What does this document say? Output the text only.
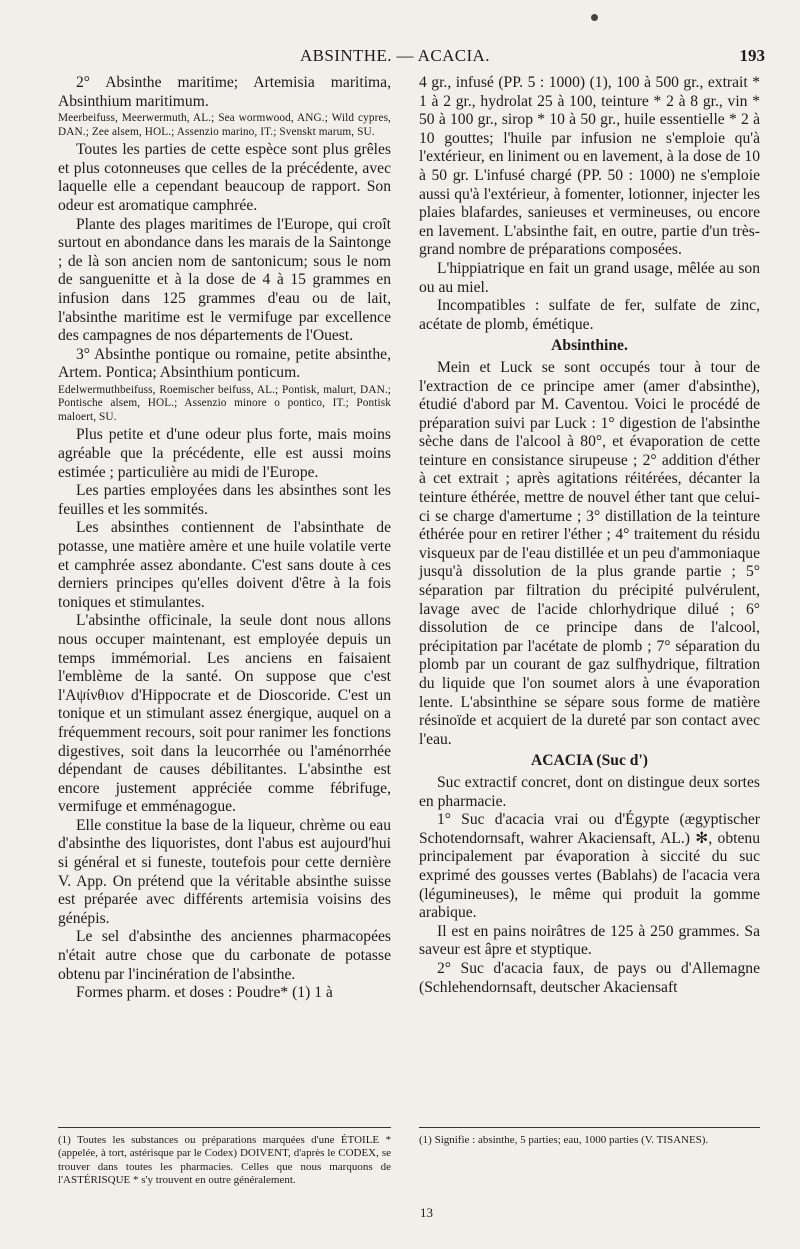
ABSINTHE. — ACACIA.	193

2° Absinthe maritime; Artemisia maritima, Absinthium maritimum.

Meerbeifuss, Meerwermuth, AL.; Sea wormwood, ANG.; Wild cypres, DAN.; Zee alsem, HOL.; Assenzio marino, IT.; Svenskt marum, SU.

Toutes les parties de cette espèce sont plus grêles et plus cotonneuses que celles de la précédente, avec laquelle elle a cependant beaucoup de rapport. Son odeur est aromatique camphrée.

Plante des plages maritimes de l'Europe, qui croît surtout en abondance dans les marais de la Saintonge ; de là son ancien nom de santonicum; sous le nom de sanguenitte et à la dose de 4 à 15 grammes en infusion dans 125 grammes d'eau ou de lait, l'absinthe maritime est le vermifuge par excellence des campagnes de nos départements de l'Ouest.

3° Absinthe pontique ou romaine, petite absinthe, Artem. Pontica; Absinthium ponticum.

Edelwermuthbeifuss, Roemischer beifuss, AL.; Pontisk, malurt, DAN.; Pontische alsem, HOL.; Assenzio minore o pontico, IT.; Pontisk maloert, SU.

Plus petite et d'une odeur plus forte, mais moins agréable que la précédente, elle est aussi moins estimée ; particulière au midi de l'Europe.

Les parties employées dans les absinthes sont les feuilles et les sommités.

Les absinthes contiennent de l'absinthate de potasse, une matière amère et une huile volatile verte et camphrée assez abondante. C'est sans doute à ces derniers principes qu'elles doivent d'être à la fois toniques et stimulantes.

L'absinthe officinale, la seule dont nous allons nous occuper maintenant, est employée depuis un temps immémorial. Les anciens en faisaient l'emblème de la santé. On suppose que c'est l'Αψίνθιον d'Hippocrate et de Dioscoride. C'est un tonique et un stimulant assez énergique, auquel on a fréquemment recours, soit pour ranimer les fonctions digestives, soit dans la leucorrhée ou l'aménorrhée dépendant de causes débilitantes. L'absinthe est encore justement appréciée comme fébrifuge, vermifuge et emménagogue.

Elle constitue la base de la liqueur, chrème ou eau d'absinthe des liquoristes, dont l'abus est aujourd'hui si général et si funeste, toutefois pour cette dernière V. App. On prétend que la véritable absinthe suisse est préparée avec différents artemisia voisins des génépis.

Le sel d'absinthe des anciennes pharmacopées n'était autre chose que du carbonate de potasse obtenu par l'incinération de l'absinthe.

Formes pharm. et doses : Poudre* (1) 1 à

4 gr., infusé (PP. 5 : 1000) (1), 100 à 500 gr., extrait * 1 à 2 gr., hydrolat 25 à 100, teinture * 2 à 8 gr., vin * 50 à 100 gr., sirop * 10 à 50 gr., huile essentielle * 2 à 10 gouttes; l'huile par infusion ne s'emploie qu'à l'extérieur, en liniment ou en lavement, à la dose de 10 à 50 gr. L'infusé chargé (PP. 50 : 1000) ne s'emploie aussi qu'à l'extérieur, à fomenter, lotionner, injecter les plaies blafardes, sanieuses et vermineuses, ou encore en lavement. L'absinthe fait, en outre, partie d'un très-grand nombre de préparations composées.

L'hippiatrique en fait un grand usage, mêlée au son ou au miel.

Incompatibles : sulfate de fer, sulfate de zinc, acétate de plomb, émétique.

Absinthine.

Mein et Luck se sont occupés tour à tour de l'extraction de ce principe amer (amer d'absinthe), étudié d'abord par M. Caventou. Voici le procédé de préparation suivi par Luck : 1° digestion de l'absinthe sèche dans de l'alcool à 80°, et évaporation de cette teinture en consistance sirupeuse ; 2° addition d'éther à cet extrait ; après agitations réitérées, décanter la teinture éthérée, mettre de nouvel éther tant que celui-ci se charge d'amertume ; 3° distillation de la teinture éthérée pour en retirer l'éther ; 4° traitement du résidu visqueux par de l'eau distillée et un peu d'ammoniaque jusqu'à dissolution de la plus grande partie ; 5° séparation par filtration du précipité pulvérulent, lavage avec de l'acide chlorhydrique dilué ; 6° dissolution de ce principe dans de l'alcool, précipitation par l'acétate de plomb ; 7° séparation du plomb par un courant de gaz sulfhydrique, filtration du liquide que l'on soumet alors à une évaporation lente. L'absinthine se sépare sous forme de matière résinoïde et acquiert de la dureté par son contact avec l'eau.

ACACIA (Suc d')

Suc extractif concret, dont on distingue deux sortes en pharmacie.

1° Suc d'acacia vrai ou d'Égypte (ægyptischer Schotendornsaft, wahrer Akaciensaft, AL.) ✻, obtenu principalement par évaporation à siccité du suc exprimé des gousses vertes (Bablahs) de l'acacia vera (légumineuses), le même qui produit la gomme arabique.

Il est en pains noirâtres de 125 à 250 grammes. Sa saveur est âpre et styptique.

2° Suc d'acacia faux, de pays ou d'Allemagne (Schlehendornsaft, deutscher Akaciensaft

(1) Toutes les substances ou préparations marquées d'une ÉTOILE * (appelée, à tort, astérisque par le Codex) DOIVENT, d'après le CODEX, se trouver dans toutes les pharmacies. Celles que nous marquons de l'ASTÉRISQUE * s'y trouvent en outre généralement.
(1) Signifie : absinthe, 5 parties; eau, 1000 parties (V. TISANES).
13
